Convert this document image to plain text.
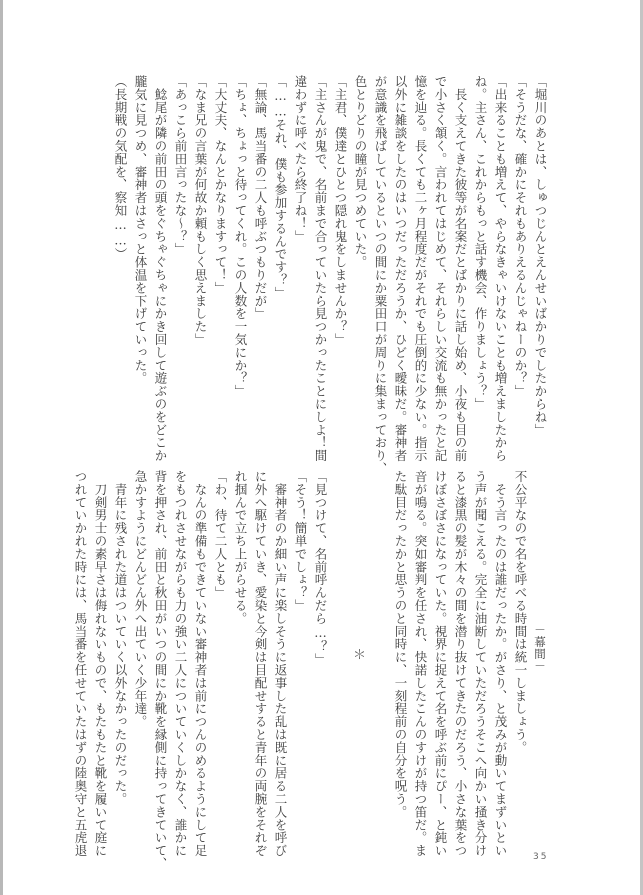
「堀川のあとは、しゅつじんとえんせいばかりでしたからね」
「そうだな、確かにそれもありえるんじゃねーのか？」
「出来ることも増えて、やらなきゃいけないことも増えましたから
ね。主さん、これからもっと話す機会、作りましょう？」
　長く支えてきた彼等が名案だとばかりに話し始め、小夜も目の前
で小さく頷く。言われてはじめて、それらしい交流も無かったと記
憶を辿る。長くても二ヶ月程度だがそれでも圧倒的に少ない。指示
以外に雑談をしたのはいつだっただろうか、ひどく曖昧だ。審神者
が意識を飛ばしているといつの間にか粟田口が周りに集まっており、
色とりどりの瞳が見つめていた。
「主君、僕達とひとつ隠れ鬼をしませんか？」
「主さんが鬼で、名前まで合っていたら見つかったことにしよ！間
違わずに呼べたら終了ね！」
「……それ、僕も参加するんです？」
「無論、馬当番の二人も呼ぶつもりだが」
「ちょ、ちょっと待ってくれ。この人数を一気にか？」
「大丈夫、なんとかなりますって！」
「なま兄の言葉が何故か頼もしく思えました」
「あっこら前田言ったな～？」
　鯰尾が隣の前田の頭をぐちゃぐちゃにかき回して遊ぶのをどこか
朧気に見つめ、審神者はさっと体温を下げていった。
（長期戦の気配を、察知……）
－幕間－
不公平なので名を呼べる時間は統一しましょう。
　そう言ったのは誰だったか。がさり、と茂みが動いてまずいとい
う声が聞こえる。完全に油断していただろうそこへ向かい掻き分け
ると漆黒の髪が木々の間を潜り抜けてきたのだろう、小さな葉をつ
けぼさぼさになっていた。視界に捉えて名を呼ぶ前にぴー、と鈍い
音が鳴る。突如審判を任され、快諾したこんのすけが持つ笛だ。ま
た駄目だったかと思うのと同時に、一刻程前の自分を呪う。
＊
「見つけて、名前呼んだら…？」
「そう！簡単でしょ？」
　審神者のか細い声に楽しそうに返事した乱は既に居る二人を呼び
に外へ駆けていき、愛染と今剣は目配せすると青年の両腕をそれぞ
れ掴んで立ち上がらせる。
「わ、待て二人とも」
　なんの準備もできていない審神者は前につんのめるようにして足
をもつれさせながらも力の強い二人についていくしかなく、誰かに
背を押され、前田と秋田がいつの間にか靴を縁側に持ってきていて、
急かすようにどんどん外へ出ていく少年達。
　青年に残された道はついていく以外なかったのだった。
　刀剣男士の素早さは侮れないもので、もたもたと靴を履いて庭に
つれていかれた時には、馬当番を任せていたはずの陸奥守と五虎退	35
